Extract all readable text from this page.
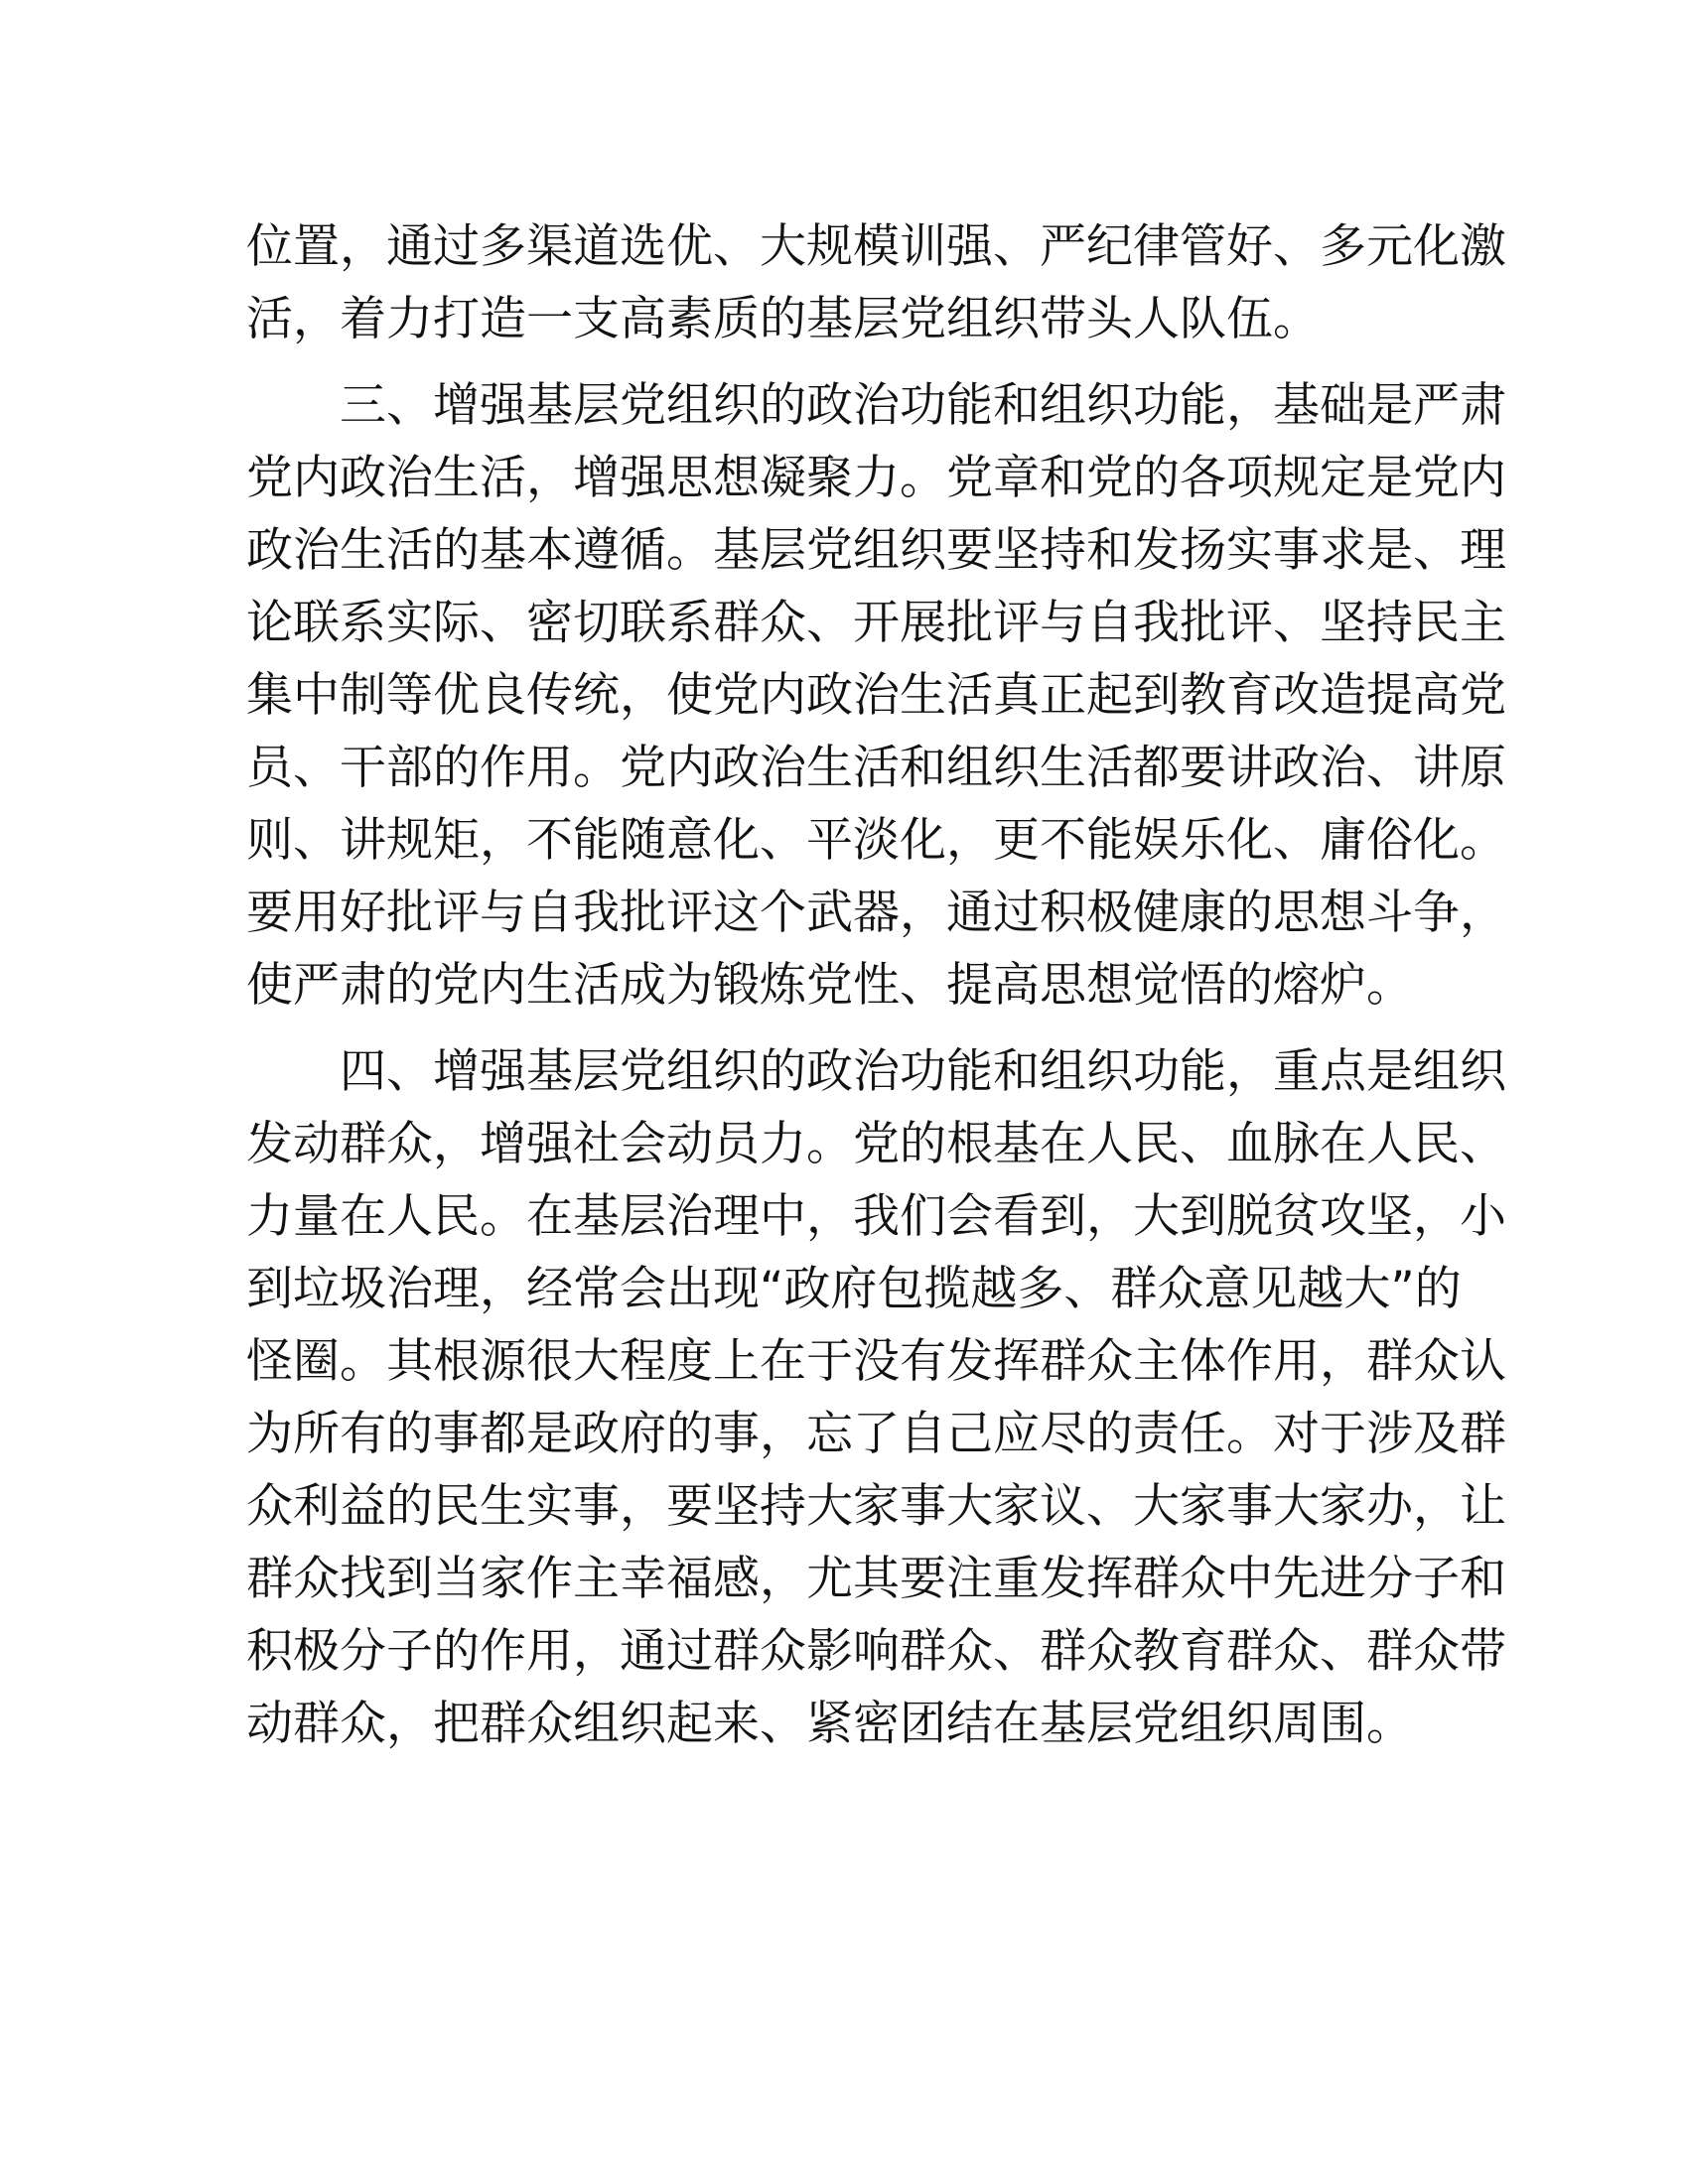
位置，通过多渠道选优、大规模训强、严纪律管好、多元化激
活，着力打造一支高素质的基层党组织带头人队伍。
三、增强基层党组织的政治功能和组织功能，基础是严肃
党内政治生活，增强思想凝聚力。党章和党的各项规定是党内
政治生活的基本遵循。基层党组织要坚持和发扬实事求是、理
论联系实际、密切联系群众、开展批评与自我批评、坚持民主
集中制等优良传统，使党内政治生活真正起到教育改造提高党
员、干部的作用。党内政治生活和组织生活都要讲政治、讲原
则、讲规矩，不能随意化、平淡化，更不能娱乐化、庸俗化。
要用好批评与自我批评这个武器，通过积极健康的思想斗争，
使严肃的党内生活成为锻炼党性、提高思想觉悟的熔炉。
四、增强基层党组织的政治功能和组织功能，重点是组织
发动群众，增强社会动员力。党的根基在人民、血脉在人民、
力量在人民。在基层治理中，我们会看到，大到脱贫攻坚，小
到垃圾治理，经常会出现“政府包揽越多、群众意见越大”的
怪圈。其根源很大程度上在于没有发挥群众主体作用，群众认
为所有的事都是政府的事，忘了自己应尽的责任。对于涉及群
众利益的民生实事，要坚持大家事大家议、大家事大家办，让
群众找到当家作主幸福感，尤其要注重发挥群众中先进分子和
积极分子的作用，通过群众影响群众、群众教育群众、群众带
动群众，把群众组织起来、紧密团结在基层党组织周围。
